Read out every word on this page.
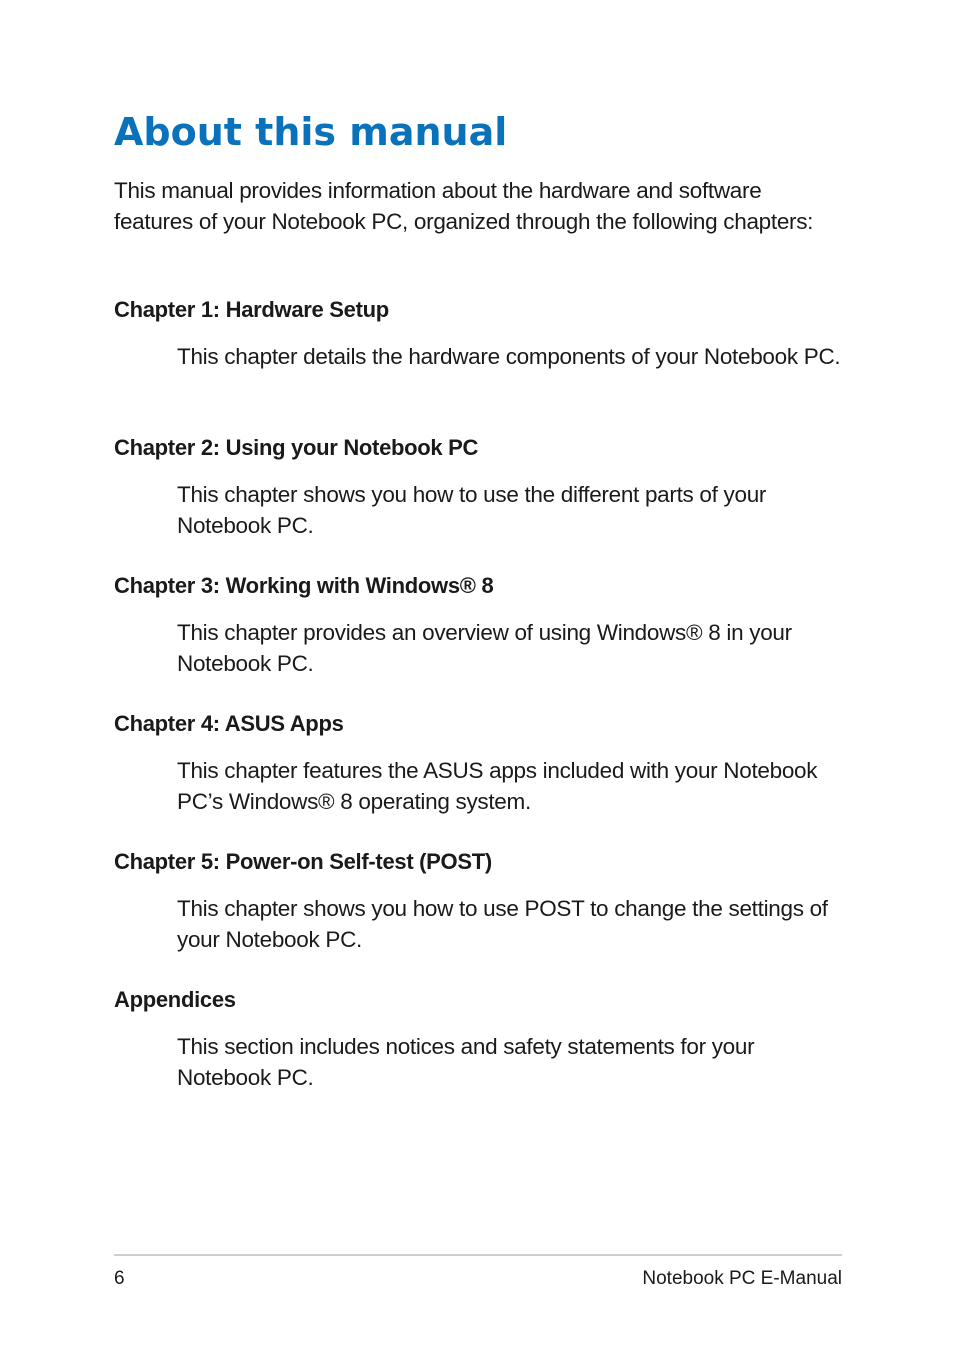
About this manual

This manual provides information about the hardware and software features of your Notebook PC, organized through the following chapters:

Chapter 1: Hardware Setup

This chapter details the hardware components of your Notebook PC.

Chapter 2: Using your Notebook PC

This chapter shows you how to use the different parts of your Notebook PC.

Chapter 3: Working with Windows® 8

This chapter provides an overview of using Windows® 8 in your Notebook PC.

Chapter 4: ASUS Apps

This chapter features the ASUS apps included with your Notebook PC’s Windows® 8 operating system.

Chapter 5: Power-on Self-test (POST)

This chapter shows you how to use POST to change the settings of your Notebook PC.

Appendices

This section includes notices and safety statements for your Notebook PC.

6	Notebook PC E-Manual
